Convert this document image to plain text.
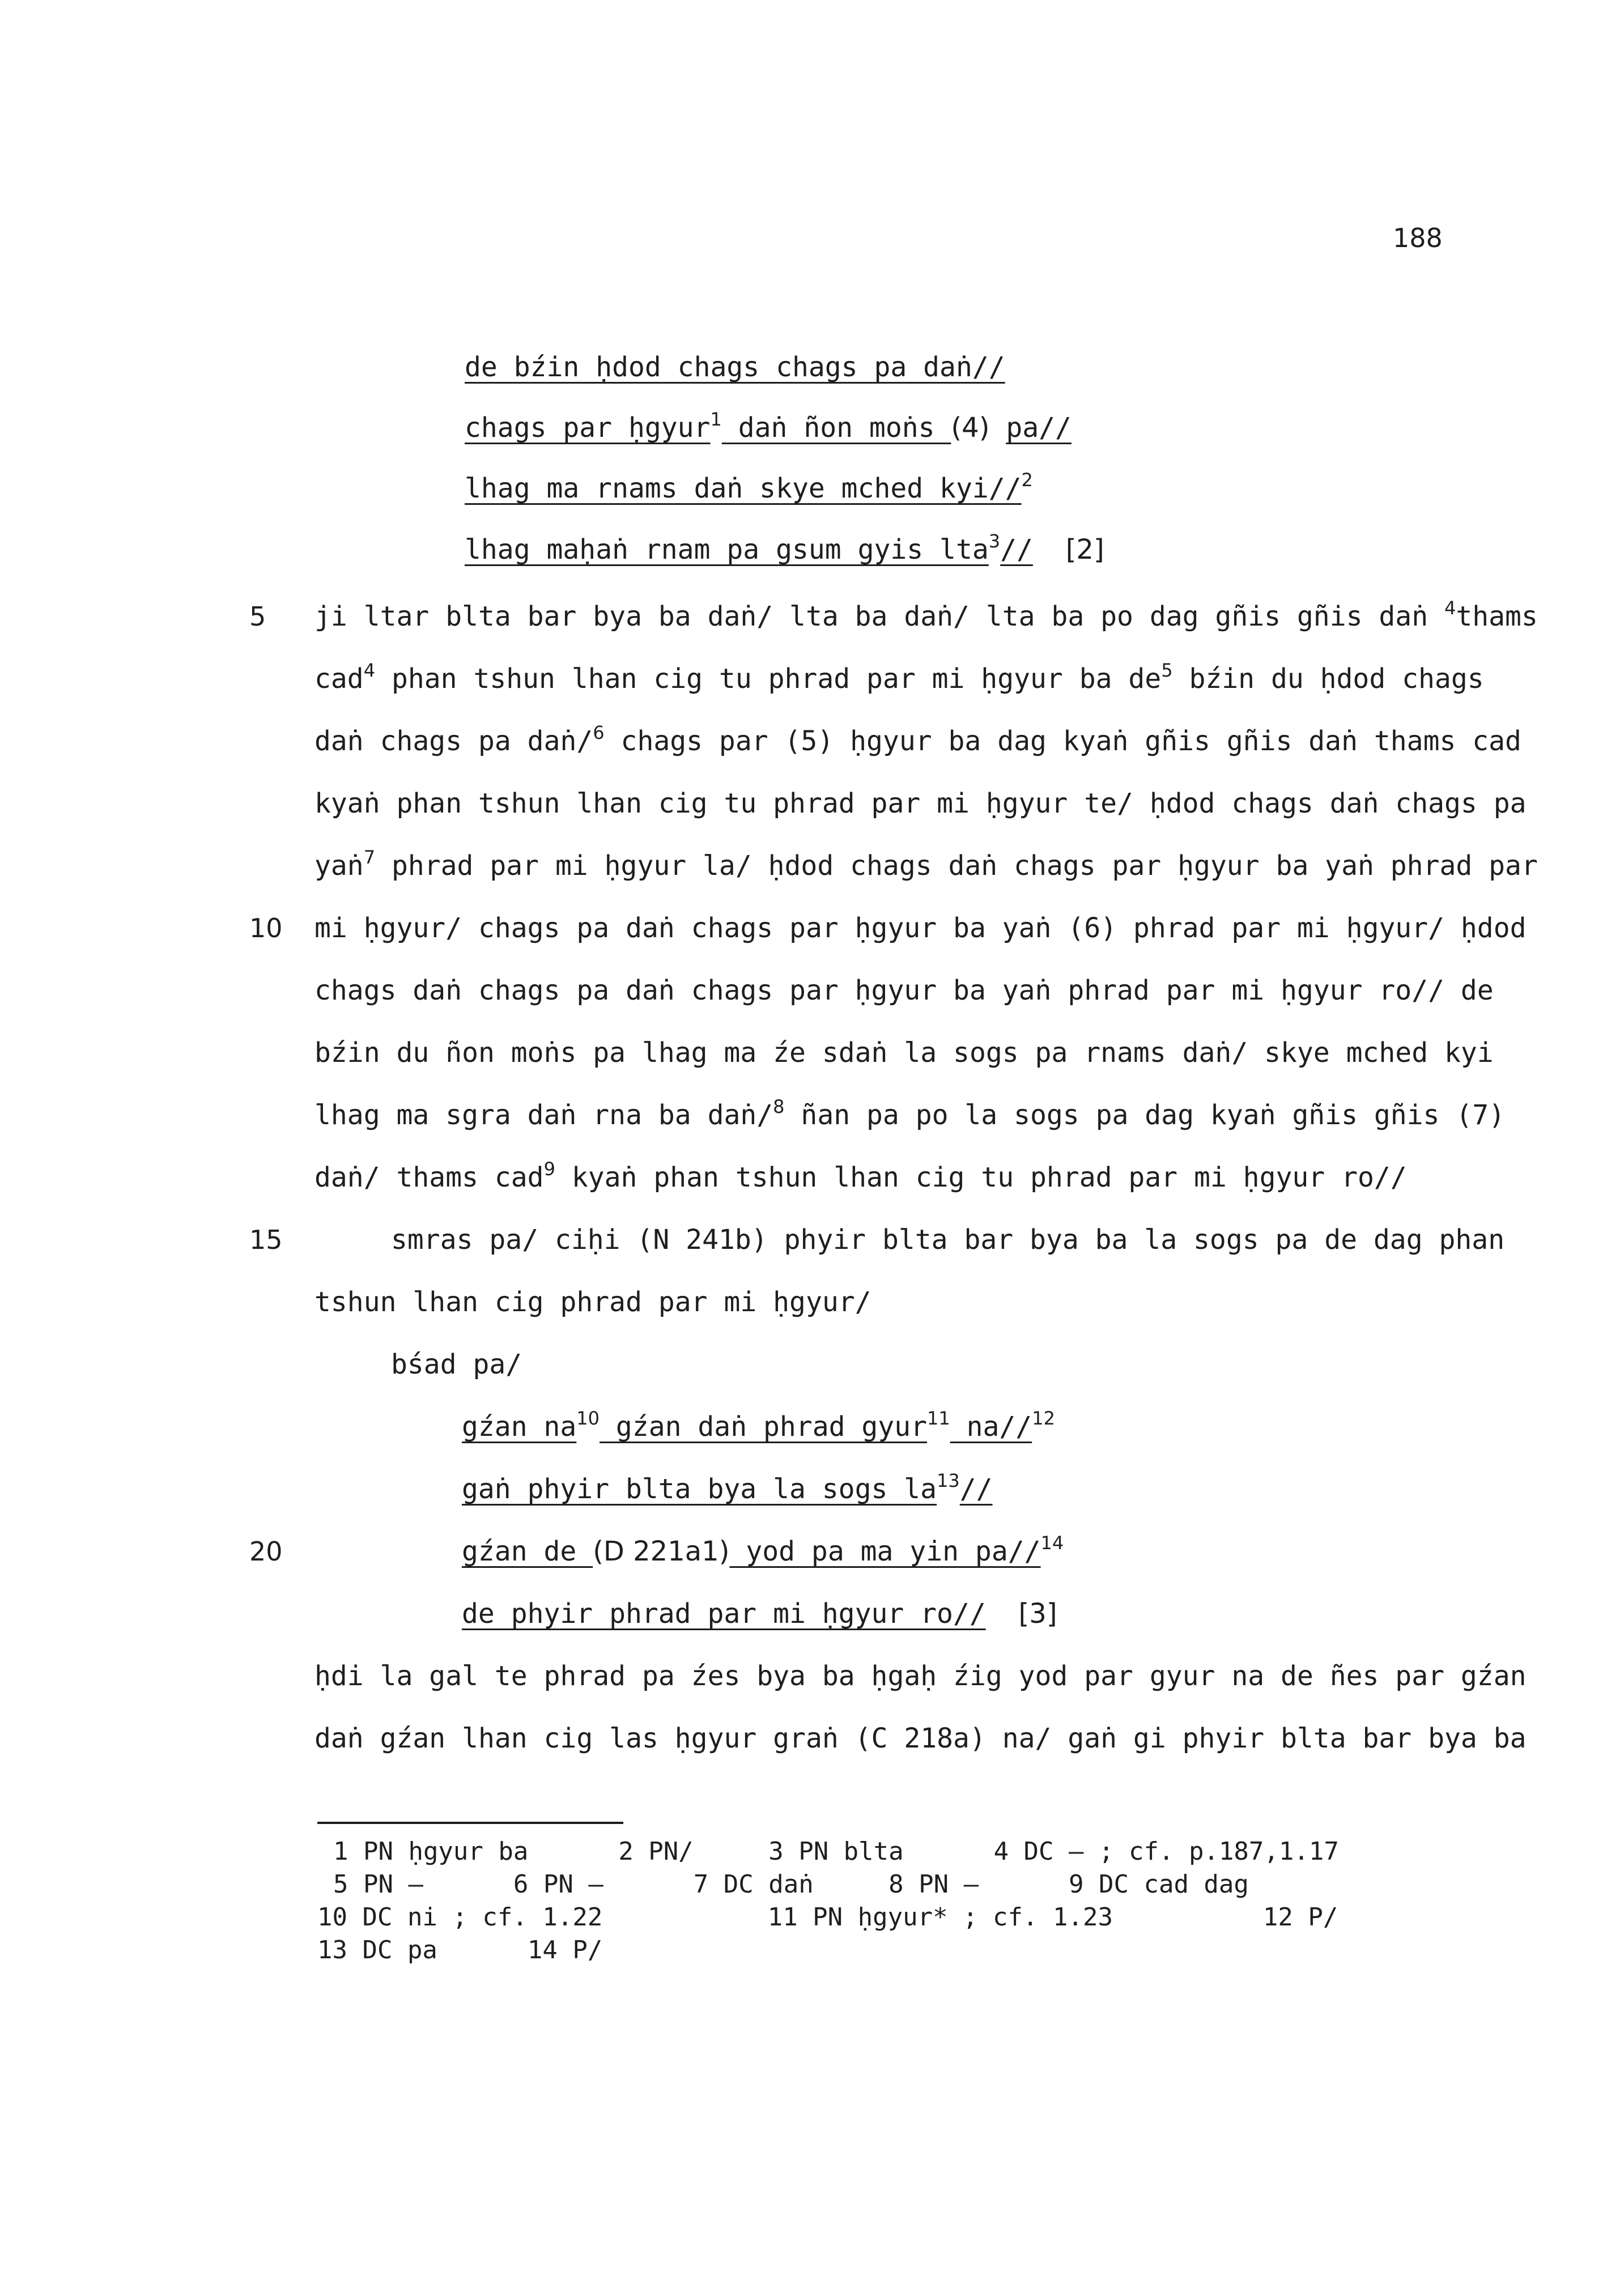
188
de bźin ḥdod chags chags pa daṅ//
chags par ḥgyur$^1$ daṅ ñon moṅs (4) pa//
lhag ma rnams daṅ skye mched kyi//$^2$
lhag maḥaṅ rnam pa gsum gyis lta$^3$// [2]
5	ji ltar blta bar bya ba daṅ/ lta ba daṅ/ lta ba po dag gñis gñis daṅ $^4$thams
cad$^4$ phan tshun lhan cig tu phrad par mi ḥgyur ba $de^5$ bźin du ḥdod chags
daṅ chags pa daṅ/$^6$ chags par (5) ḥgyur ba dag kyaṅ gñis gñis daṅ thams cad
kyaṅ phan tshun lhan cig tu phrad par mi ḥgyur te/ ḥdod chags daṅ chags pa
yaṅ$^7$ phrad par mi ḥgyur la/ ḥdod chags daṅ chags par ḥgyur ba yaṅ phrad par
10 mi ḥgyur/ chags pa daṅ chags par ḥgyur ba yaṅ (6) phrad par mi ḥgyur/ ḥdod
chags daṅ chags pa daṅ chags par ḥgyur ba yaṅ phrad par mi ḥgyur ro// de
bźin du ñon moṅs pa lhag ma źe sdaṅ la sogs pa rnams daṅ/ skye mched kyi
lhag ma sgra daṅ rna ba daṅ/$^8$ ñan pa po la sogs pa dag kyaṅ gñis gñis (7)
daṅ/ thams cad$^9$ kyaṅ phan tshun lhan cig tu phrad par mi ḥgyur ro//
15	smras pa/ ciḥi (N 241b) phyir blta bar bya ba la sogs pa de dag phan
tshun lhan cig phrad par mi ḥgyur/
bśad pa/
gźan $na^{10}$ gźan daṅ phrad gyur$^{11}$ na//$^{12}$
gaṅ phyir blta bya la sogs $la^{13}//$
20	gźan de (D 221a1) yod pa ma yin pa//$^{14}$
de phyir phrad par mi ḥgyur ro// [3]
ḥdi la gal te phrad pa źes bya ba ḥgaḥ źig yod par gyur na de ñes par gźan
daṅ gźan lhan cig las ḥgyur graṅ (C 218a) na/ gaṅ gi phyir blta bar bya ba
1 PN ḥgyur ba      2 PN/     3 PN blta      4 DC — ; cf. p.187,1.17
5 PN —      6 PN —      7 DC daṅ     8 PN —      9 DC cad dag
10 DC ni ; cf. 1.22           11 PN ḥgyur* ; cf. 1.23          12 P/
13 DC pa      14 P/
